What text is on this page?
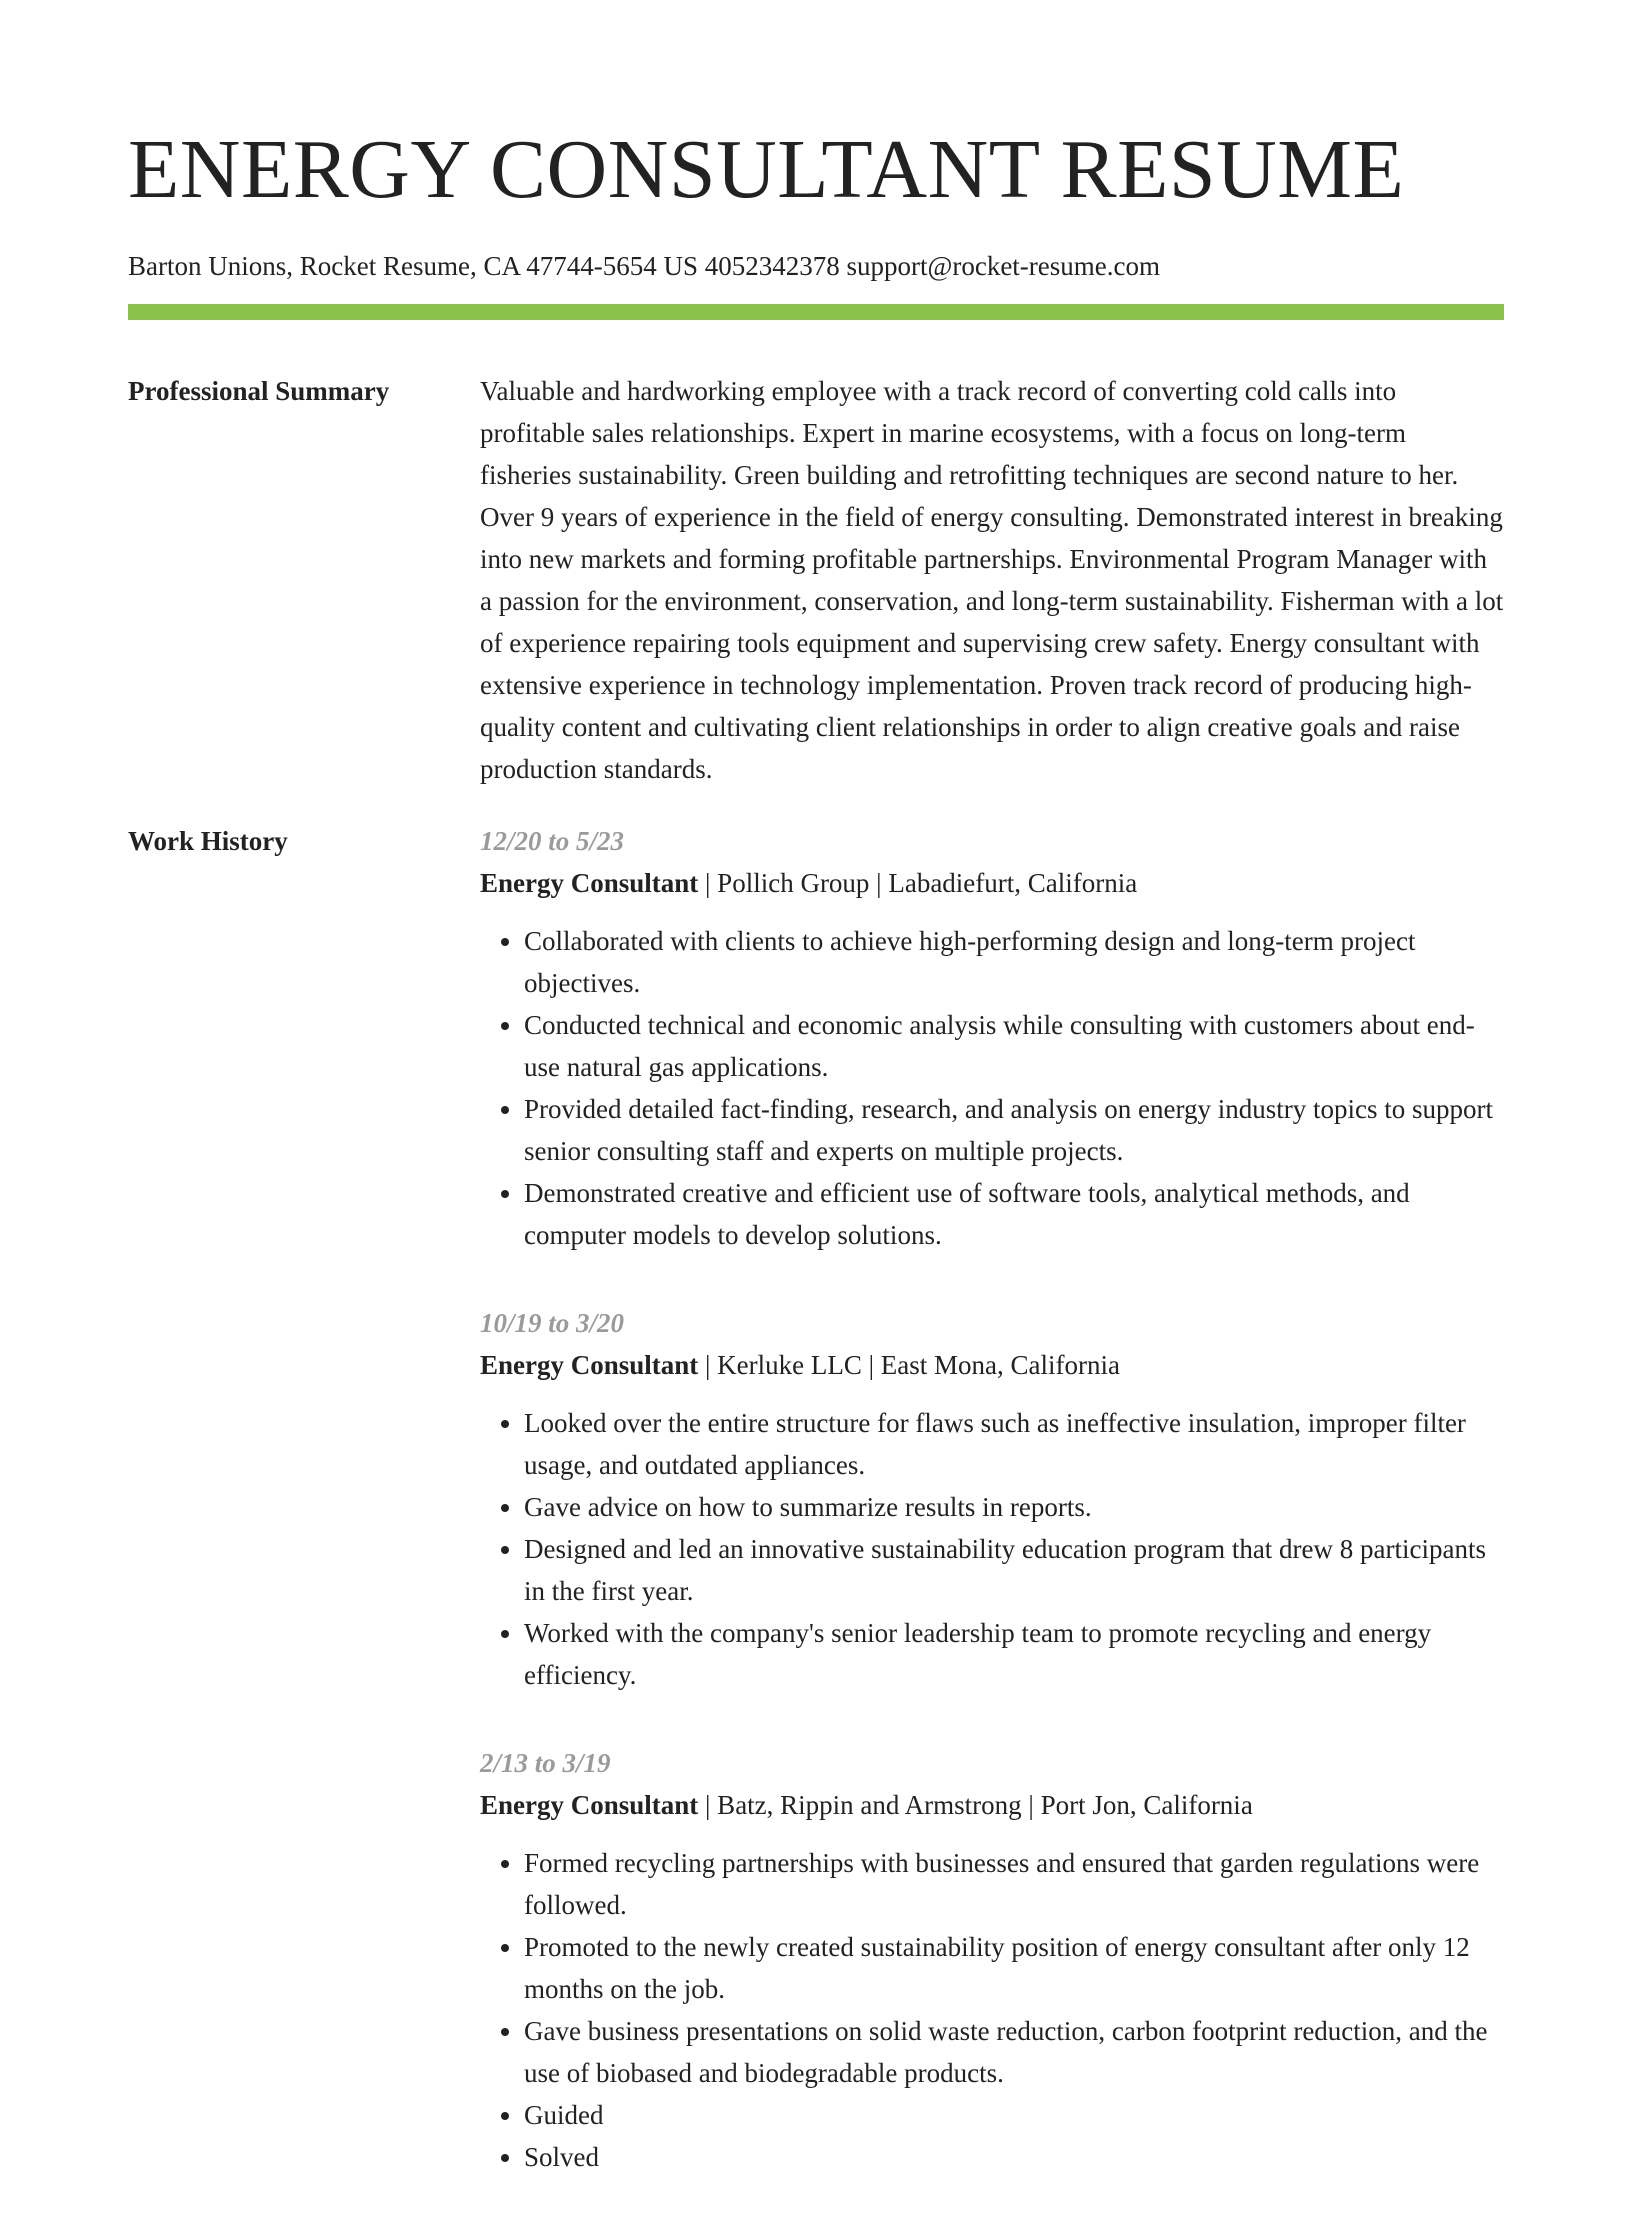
ENERGY CONSULTANT RESUME
Barton Unions, Rocket Resume, CA 47744-5654 US 4052342378 support@rocket-resume.com
Professional Summary	Valuable and hardworking employee with a track record of converting cold calls into profitable sales relationships. Expert in marine ecosystems, with a focus on long-term fisheries sustainability. Green building and retrofitting techniques are second nature to her. Over 9 years of experience in the field of energy consulting. Demonstrated interest in breaking into new markets and forming profitable partnerships. Environmental Program Manager with a passion for the environment, conservation, and long-term sustainability. Fisherman with a lot of experience repairing tools equipment and supervising crew safety. Energy consultant with extensive experience in technology implementation. Proven track record of producing high-quality content and cultivating client relationships in order to align creative goals and raise production standards.

Work History	12/20 to 5/23
Energy Consultant | Pollich Group | Labadiefurt, California
• Collaborated with clients to achieve high-performing design and long-term project objectives.
• Conducted technical and economic analysis while consulting with customers about end-use natural gas applications.
• Provided detailed fact-finding, research, and analysis on energy industry topics to support senior consulting staff and experts on multiple projects.
• Demonstrated creative and efficient use of software tools, analytical methods, and computer models to develop solutions.
10/19 to 3/20
Energy Consultant | Kerluke LLC | East Mona, California
• Looked over the entire structure for flaws such as ineffective insulation, improper filter usage, and outdated appliances.
• Gave advice on how to summarize results in reports.
• Designed and led an innovative sustainability education program that drew 8 participants in the first year.
• Worked with the company's senior leadership team to promote recycling and energy efficiency.
2/13 to 3/19
Energy Consultant | Batz, Rippin and Armstrong | Port Jon, California
• Formed recycling partnerships with businesses and ensured that garden regulations were followed.
• Promoted to the newly created sustainability position of energy consultant after only 12 months on the job.
• Gave business presentations on solid waste reduction, carbon footprint reduction, and the use of biobased and biodegradable products.
• Guided
• Solved
